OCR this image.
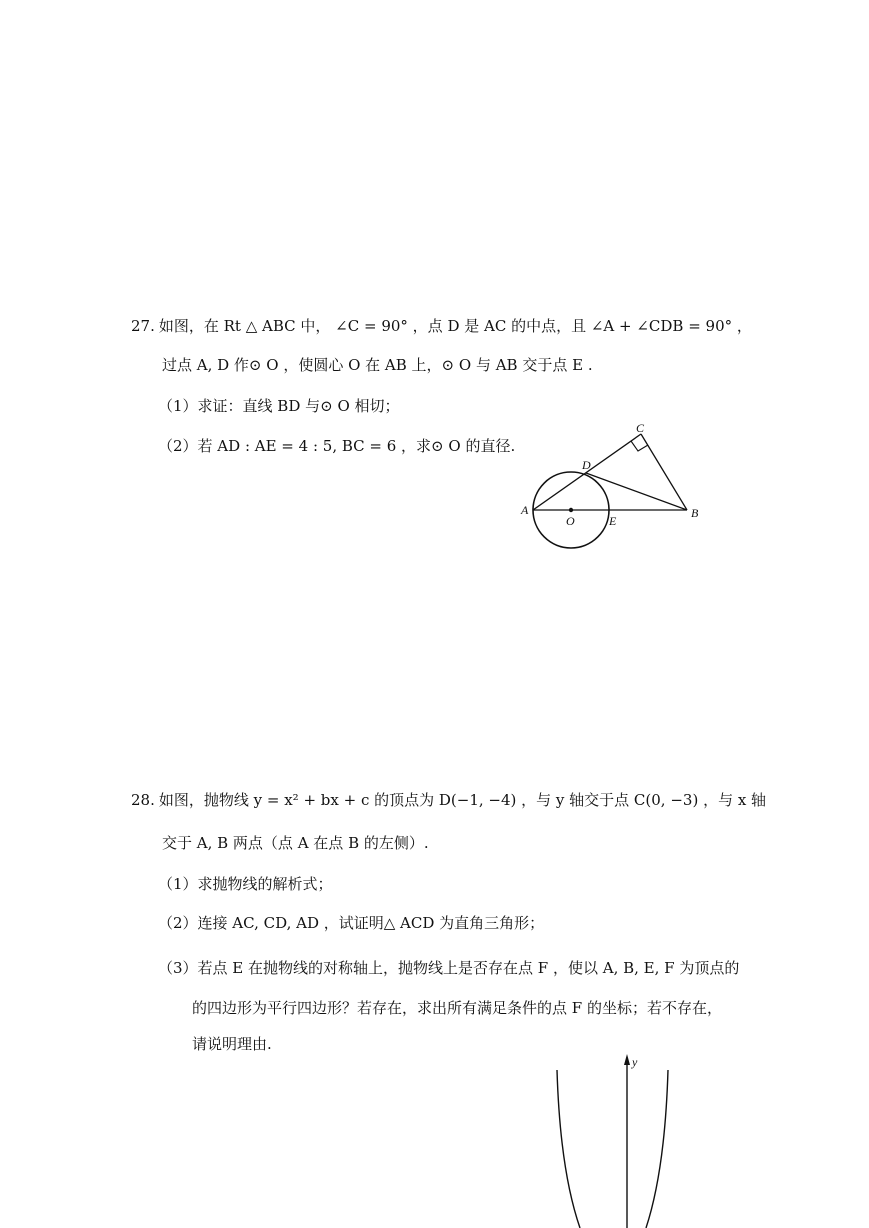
27. 如图，在 Rt △ ABC 中， ∠C = 90° ，点 D 是 AC 的中点，且 ∠A + ∠CDB = 90° ，
过点 A, D 作⊙ O ，使圆心 O 在 AB 上，⊙ O 与 AB 交于点 E .
（1）求证：直线 BD 与⊙ O 相切；
（2）若 AD : AE = 4 : 5, BC = 6 ，求⊙ O 的直径.
A	B
C
D
O	E
28. 如图，抛物线 y = x² + bx + c 的顶点为 D(−1, −4) ，与 y 轴交于点 C(0, −3) ，与 x 轴
交于 A, B 两点（点 A 在点 B 的左侧）.
（1）求抛物线的解析式；
（2）连接 AC, CD, AD ，试证明△ ACD 为直角三角形；
（3）若点 E 在抛物线的对称轴上，抛物线上是否存在点 F ，使以 A, B, E, F 为顶点的
的四边形为平行四边形？若存在，求出所有满足条件的点 F 的坐标；若不存在，
请说明理由.
y
